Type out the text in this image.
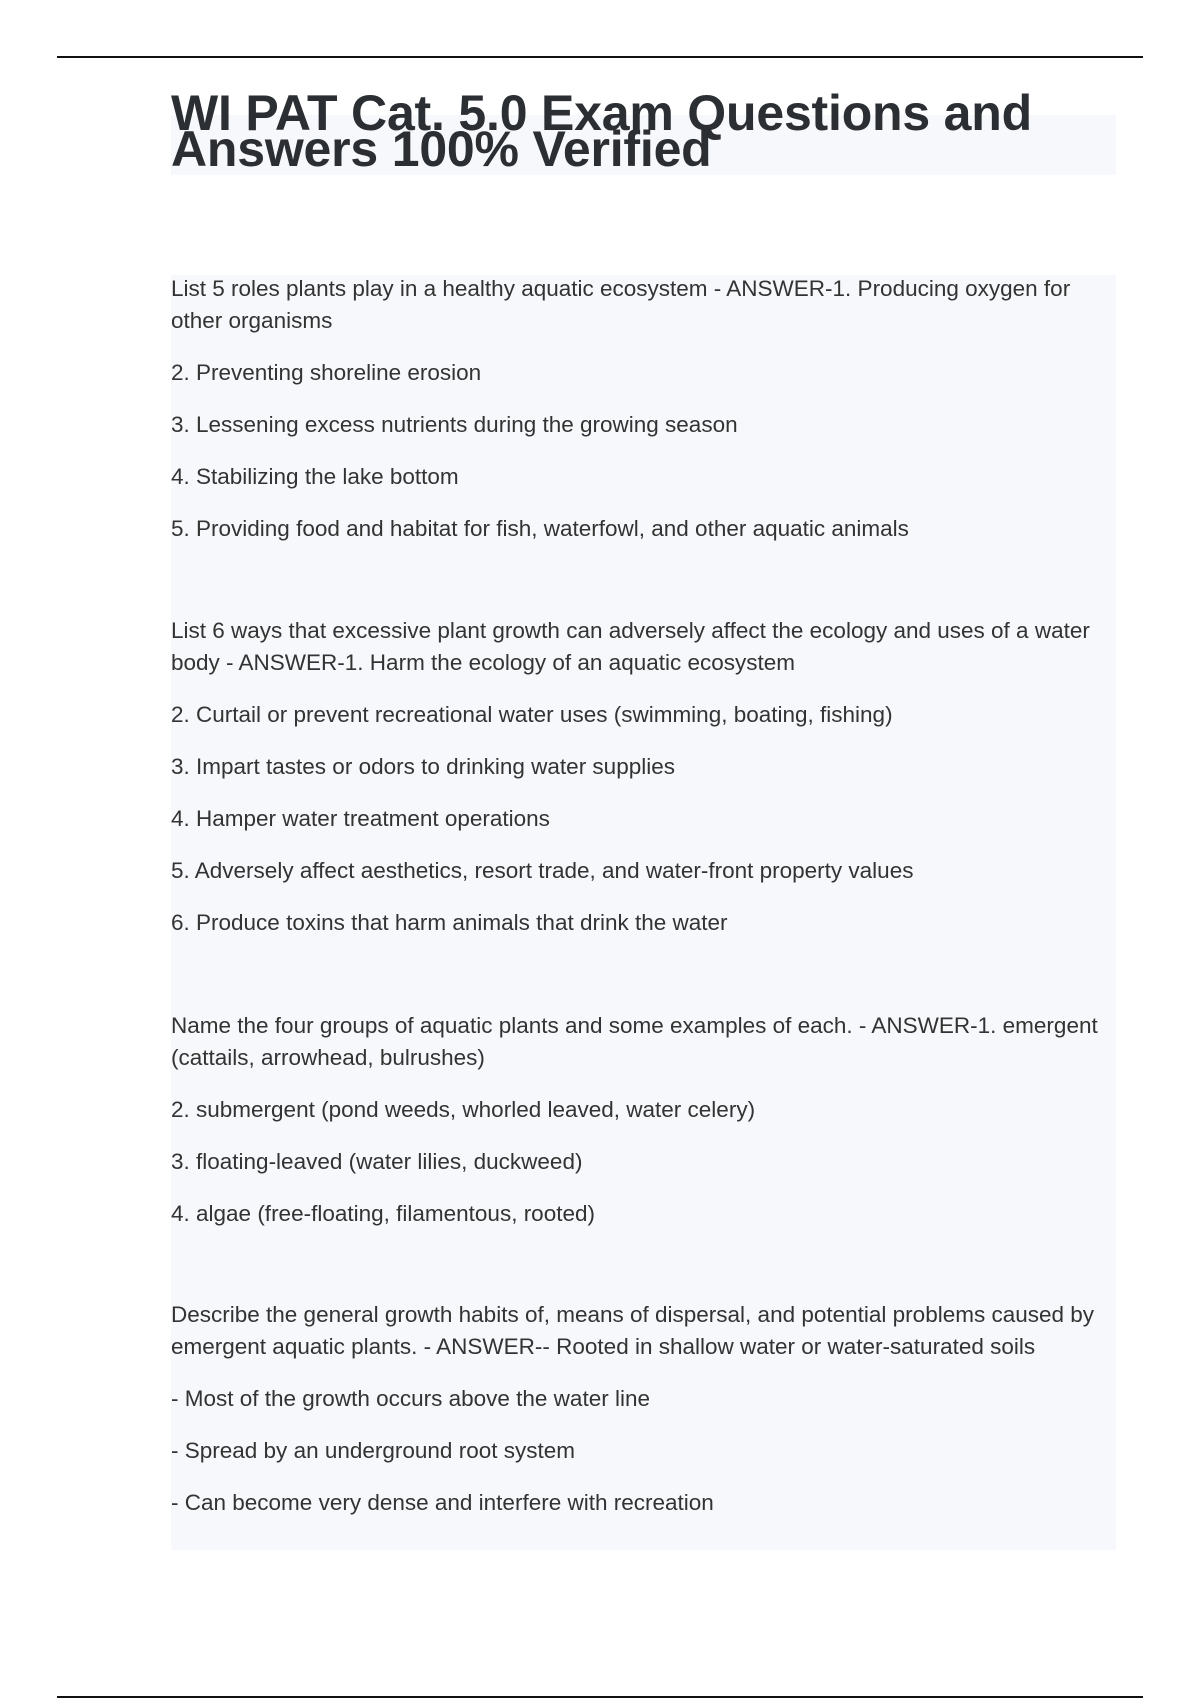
WI PAT Cat. 5.0 Exam Questions and Answers 100% Verified

List 5 roles plants play in a healthy aquatic ecosystem - ANSWER-1. Producing oxygen for other organisms

2. Preventing shoreline erosion

3. Lessening excess nutrients during the growing season

4. Stabilizing the lake bottom

5. Providing food and habitat for fish, waterfowl, and other aquatic animals

List 6 ways that excessive plant growth can adversely affect the ecology and uses of a water body - ANSWER-1. Harm the ecology of an aquatic ecosystem

2. Curtail or prevent recreational water uses (swimming, boating, fishing)

3. Impart tastes or odors to drinking water supplies

4. Hamper water treatment operations

5. Adversely affect aesthetics, resort trade, and water-front property values

6. Produce toxins that harm animals that drink the water

Name the four groups of aquatic plants and some examples of each. - ANSWER-1. emergent (cattails, arrowhead, bulrushes)

2. submergent (pond weeds, whorled leaved, water celery)

3. floating-leaved (water lilies, duckweed)

4. algae (free-floating, filamentous, rooted)

Describe the general growth habits of, means of dispersal, and potential problems caused by emergent aquatic plants. - ANSWER-- Rooted in shallow water or water-saturated soils

- Most of the growth occurs above the water line

- Spread by an underground root system

- Can become very dense and interfere with recreation
